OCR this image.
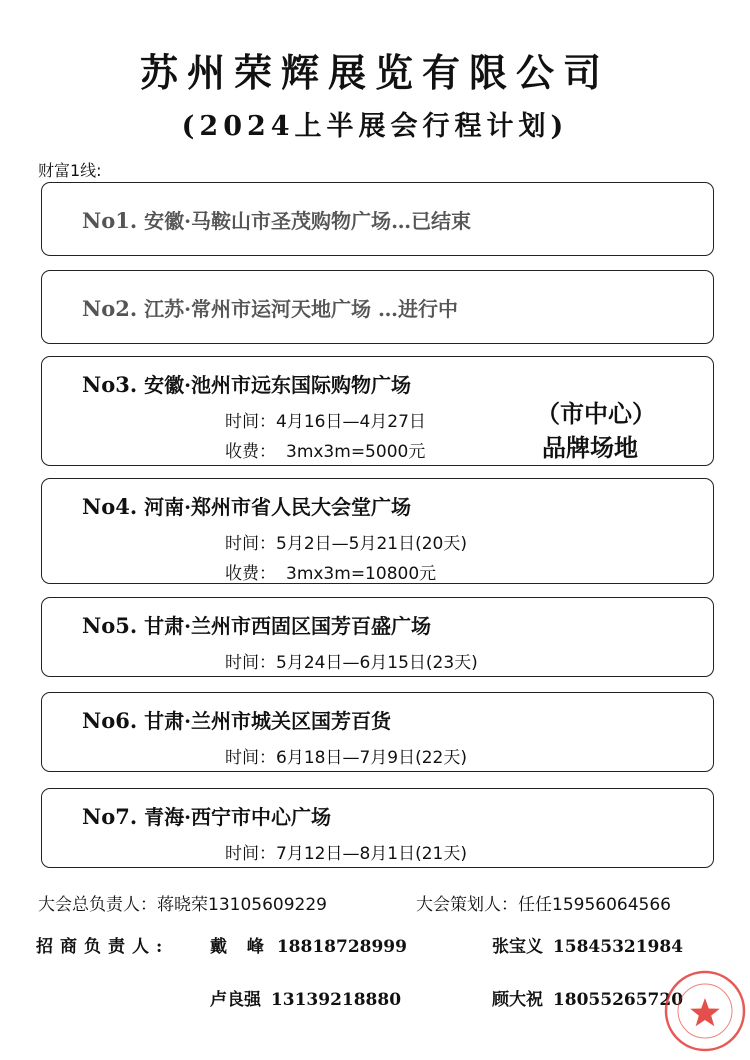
苏州荣辉展览有限公司
(2024上半展会行程计划)
财富1线:
No1. 安徽·马鞍山市圣茂购物广场…已结束
No2. 江苏·常州市运河天地广场 …进行中
No3. 安徽·池州市远东国际购物广场
时间：4月16日—4月27日
收费： 3mx3m=5000元
（市中心）
品牌场地
No4. 河南·郑州市省人民大会堂广场
时间：5月2日—5月21日(20天)
收费： 3mx3m=10800元
No5. 甘肃·兰州市西固区国芳百盛广场
时间：5月24日—6月15日(23天)
No6. 甘肃·兰州市城关区国芳百货
时间：6月18日—7月9日(22天)
No7. 青海·西宁市中心广场
时间：7月12日—8月1日(21天)
大会总负责人：蒋晓荣13105609229	大会策划人：任任15956064566
招商负责人: 戴 峰 18818728999	张宝义 15845321984
卢良强 13139218880	顾大祝 18055265720
